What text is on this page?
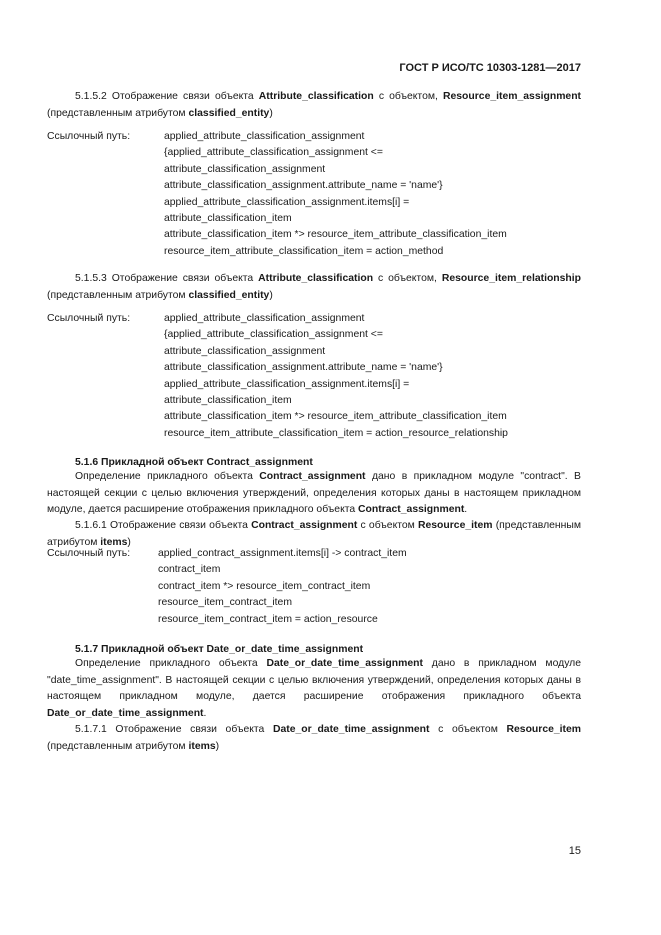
ГОСТ Р ИСО/ТС 10303-1281—2017
5.1.5.2 Отображение связи объекта Attribute_classification с объектом, Resource_item_assignment (представленным атрибутом classified_entity)
Ссылочный путь:	applied_attribute_classification_assignment
{applied_attribute_classification_assignment <=
attribute_classification_assignment
attribute_classification_assignment.attribute_name = 'name'}
applied_attribute_classification_assignment.items[i] =
attribute_classification_item
attribute_classification_item *> resource_item_attribute_classification_item
resource_item_attribute_classification_item = action_method
5.1.5.3 Отображение связи объекта Attribute_classification с объектом, Resource_item_relationship (представленным атрибутом classified_entity)
Ссылочный путь:	applied_attribute_classification_assignment
{applied_attribute_classification_assignment <=
attribute_classification_assignment
attribute_classification_assignment.attribute_name = 'name'}
applied_attribute_classification_assignment.items[i] =
attribute_classification_item
attribute_classification_item *> resource_item_attribute_classification_item
resource_item_attribute_classification_item = action_resource_relationship
5.1.6 Прикладной объект Contract_assignment
Определение прикладного объекта Contract_assignment дано в прикладном модуле "contract". В настоящей секции с целью включения утверждений, определения которых даны в настоящем прикладном модуле, дается расширение отображения прикладного объекта Contract_assignment.
5.1.6.1 Отображение связи объекта Contract_assignment с объектом Resource_item (представленным атрибутом items)
Ссылочный путь:	applied_contract_assignment.items[i] -> contract_item
contract_item
contract_item *> resource_item_contract_item
resource_item_contract_item
resource_item_contract_item = action_resource
5.1.7 Прикладной объект Date_or_date_time_assignment
Определение прикладного объекта Date_or_date_time_assignment дано в прикладном модуле "date_time_assignment". В настоящей секции с целью включения утверждений, определения которых даны в настоящем прикладном модуле, дается расширение отображения прикладного объекта Date_or_date_time_assignment.
5.1.7.1 Отображение связи объекта Date_or_date_time_assignment с объектом Resource_item (представленным атрибутом items)
15
